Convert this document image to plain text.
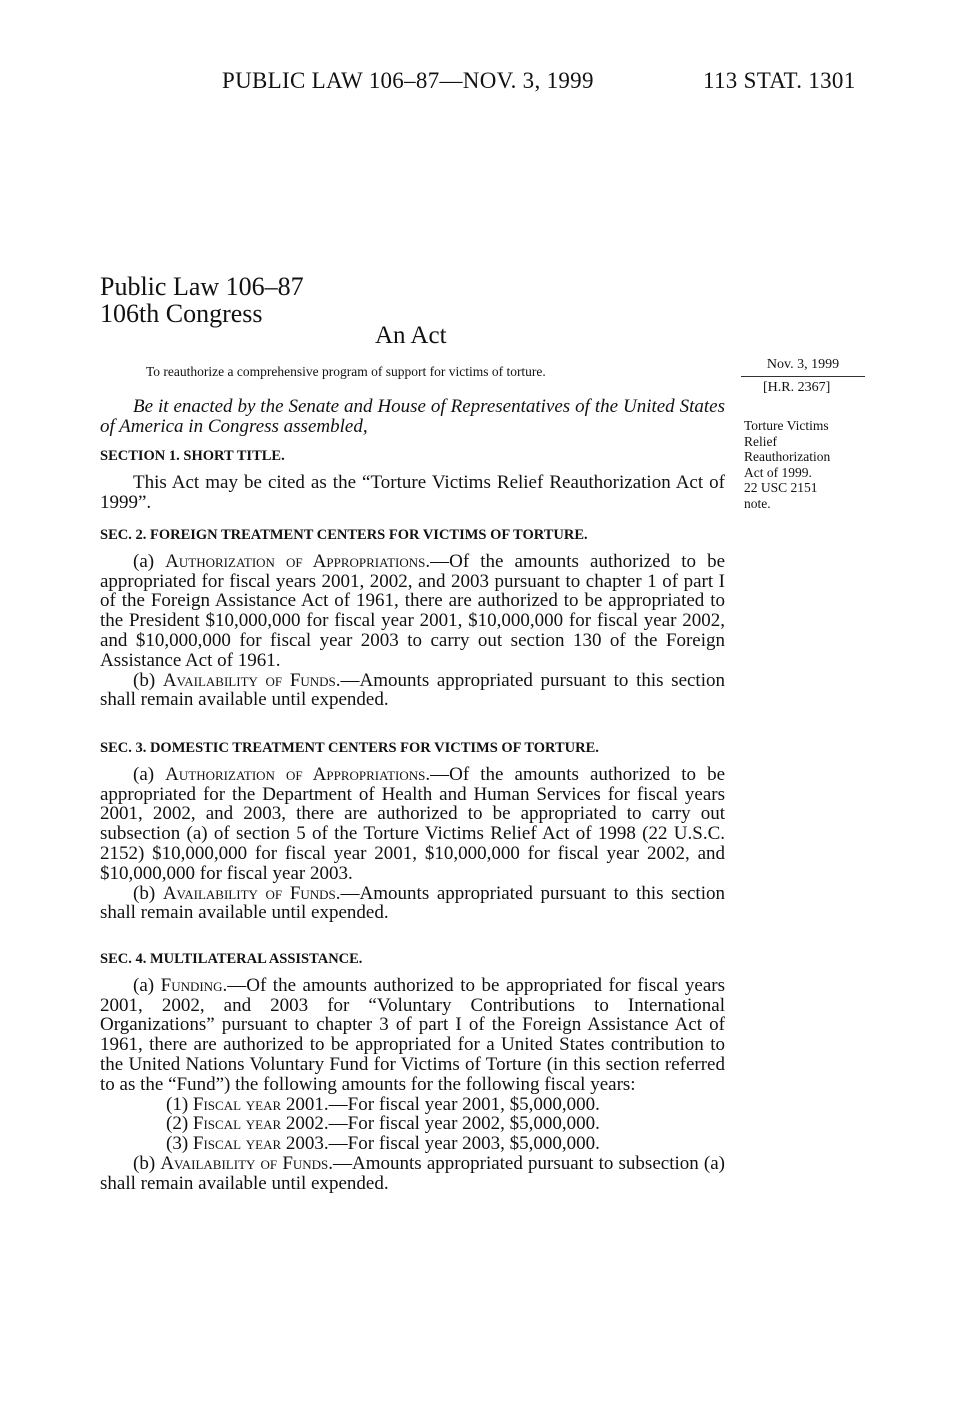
PUBLIC LAW 106–87—NOV. 3, 1999	113 STAT. 1301
Public Law 106–87
106th Congress
An Act
To reauthorize a comprehensive program of support for victims of torture.	Nov. 3, 1999
[H.R. 2367]
Torture Victims
Relief
Reauthorization
Act of 1999.
22 USC 2151
note.

Be it enacted by the Senate and House of Representatives of the United States of America in Congress assembled,

SECTION 1. SHORT TITLE.

This Act may be cited as the “Torture Victims Relief Reauthorization Act of 1999”.

SEC. 2. FOREIGN TREATMENT CENTERS FOR VICTIMS OF TORTURE.

(a) Authorization of Appropriations.—Of the amounts authorized to be appropriated for fiscal years 2001, 2002, and 2003 pursuant to chapter 1 of part I of the Foreign Assistance Act of 1961, there are authorized to be appropriated to the President $10,000,000 for fiscal year 2001, $10,000,000 for fiscal year 2002, and $10,000,000 for fiscal year 2003 to carry out section 130 of the Foreign Assistance Act of 1961.

(b) Availability of Funds.—Amounts appropriated pursuant to this section shall remain available until expended.

SEC. 3. DOMESTIC TREATMENT CENTERS FOR VICTIMS OF TORTURE.

(a) Authorization of Appropriations.—Of the amounts authorized to be appropriated for the Department of Health and Human Services for fiscal years 2001, 2002, and 2003, there are authorized to be appropriated to carry out subsection (a) of section 5 of the Torture Victims Relief Act of 1998 (22 U.S.C. 2152) $10,000,000 for fiscal year 2001, $10,000,000 for fiscal year 2002, and $10,000,000 for fiscal year 2003.

(b) Availability of Funds.—Amounts appropriated pursuant to this section shall remain available until expended.

SEC. 4. MULTILATERAL ASSISTANCE.

(a) Funding.—Of the amounts authorized to be appropriated for fiscal years 2001, 2002, and 2003 for “Voluntary Contributions to International Organizations” pursuant to chapter 3 of part I of the Foreign Assistance Act of 1961, there are authorized to be appropriated for a United States contribution to the United Nations Voluntary Fund for Victims of Torture (in this section referred to as the “Fund”) the following amounts for the following fiscal years:

(1) Fiscal year 2001.—For fiscal year 2001, $5,000,000.

(2) Fiscal year 2002.—For fiscal year 2002, $5,000,000.

(3) Fiscal year 2003.—For fiscal year 2003, $5,000,000.

(b) Availability of Funds.—Amounts appropriated pursuant to subsection (a) shall remain available until expended.
